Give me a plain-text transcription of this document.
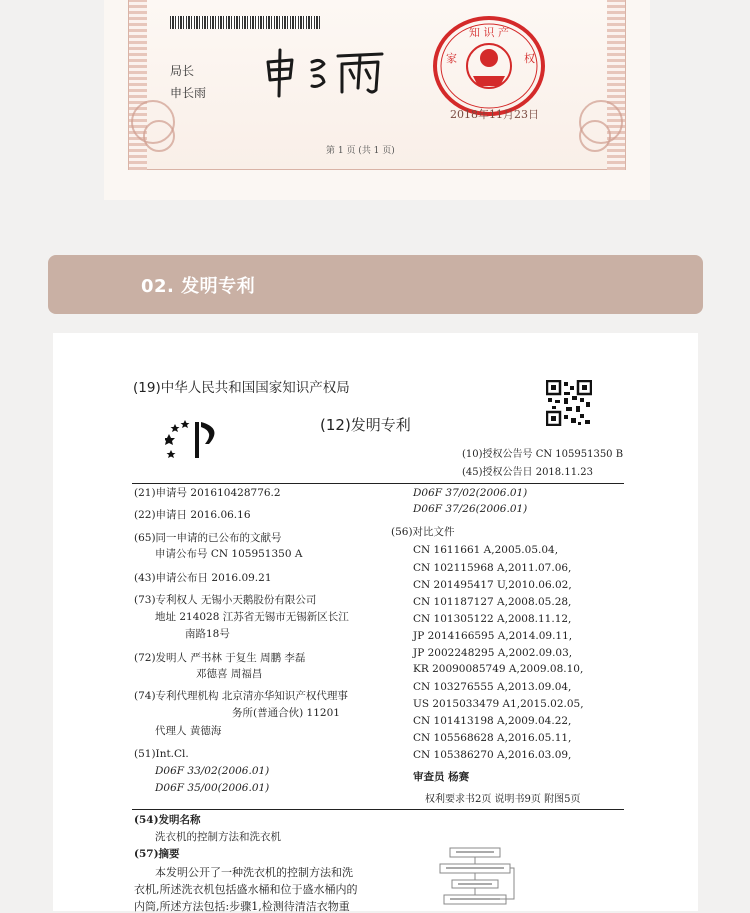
局长
申长雨
知 识 产
家	权
2018年11月23日
第 1 页 (共 1 页)
02. 发明专利
(19)中华人民共和国国家知识产权局
(12)发明专利
(10)授权公告号 CN 105951350 B
(45)授权公告日 2018.11.23
(21)申请号 201610428776.2
(22)申请日 2016.06.16
(65)同一申请的已公布的文献号
申请公布号 CN 105951350 A
(43)申请公布日 2016.09.21
(73)专利权人 无锡小天鹅股份有限公司
地址 214028 江苏省无锡市无锡新区长江
南路18号
(72)发明人 严书林 于复生 周鹏 李磊
邓德喜 周福昌
(74)专利代理机构 北京清亦华知识产权代理事
务所(普通合伙) 11201
代理人 黄德海
(51)Int.Cl.
D06F 33/02(2006.01)
D06F 35/00(2006.01)
D06F 37/02(2006.01)
D06F 37/26(2006.01)
(56)对比文件
CN 1611661 A,2005.05.04,
CN 102115968 A,2011.07.06,
CN 201495417 U,2010.06.02,
CN 101187127 A,2008.05.28,
CN 101305122 A,2008.11.12,
JP 2014166595 A,2014.09.11,
JP 2002248295 A,2002.09.03,
KR 20090085749 A,2009.08.10,
CN 103276555 A,2013.09.04,
US 2015033479 A1,2015.02.05,
CN 101413198 A,2009.04.22,
CN 105568628 A,2016.05.11,
CN 105386270 A,2016.03.09,
审查员 杨赛
权利要求书2页 说明书9页 附图5页
(54)发明名称
洗衣机的控制方法和洗衣机
(57)摘要
本发明公开了一种洗衣机的控制方法和洗
衣机,所述洗衣机包括盛水桶和位于盛水桶内的
内筒,所述方法包括:步骤1,检测待清洁衣物重
